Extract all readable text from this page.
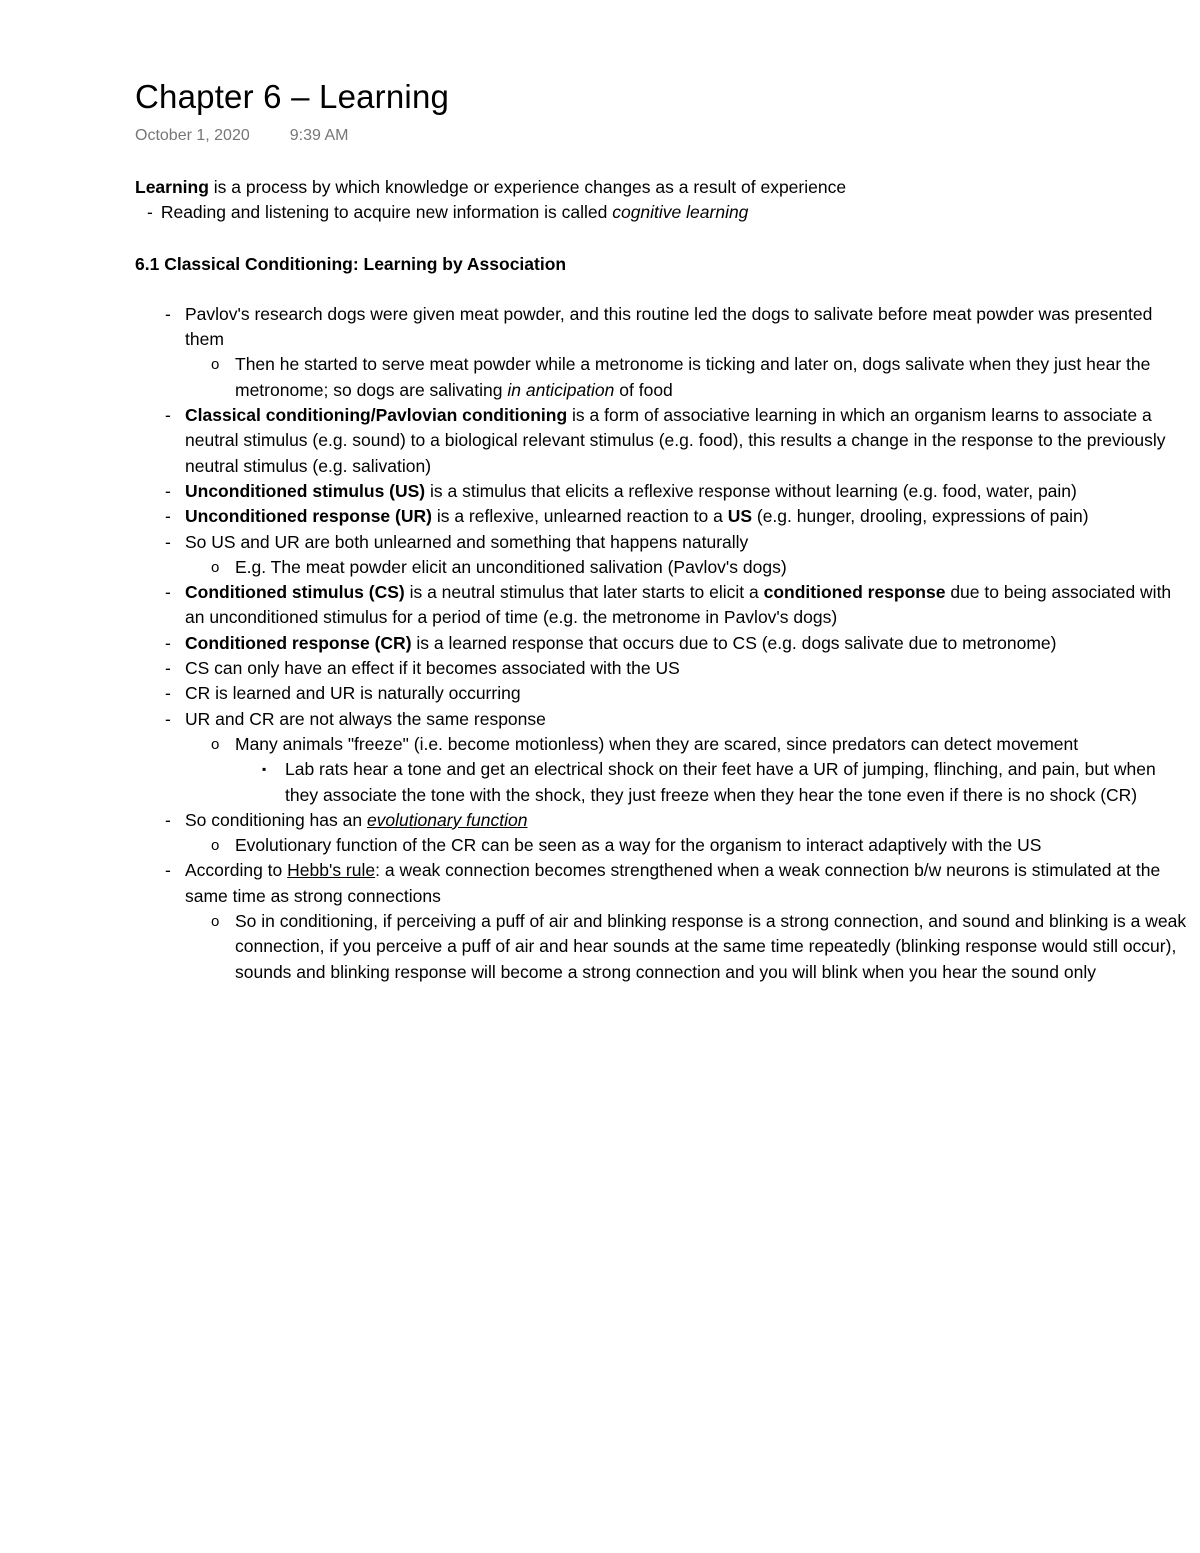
Chapter 6 – Learning
October 1, 2020	9:39 AM

Learning is a process by which knowledge or experience changes as a result of experience

- Reading and listening to acquire new information is called cognitive learning

6.1 Classical Conditioning: Learning by Association

- Pavlov's research dogs were given meat powder, and this routine led the dogs to salivate before meat powder was presented them
o Then he started to serve meat powder while a metronome is ticking and later on, dogs salivate when they just hear the metronome; so dogs are salivating in anticipation of food
- Classical conditioning/Pavlovian conditioning is a form of associative learning in which an organism learns to associate a neutral stimulus (e.g. sound) to a biological relevant stimulus (e.g. food), this results a change in the response to the previously neutral stimulus (e.g. salivation)
- Unconditioned stimulus (US) is a stimulus that elicits a reflexive response without learning (e.g. food, water, pain)
- Unconditioned response (UR) is a reflexive, unlearned reaction to a US (e.g. hunger, drooling, expressions of pain)
- So US and UR are both unlearned and something that happens naturally
o E.g. The meat powder elicit an unconditioned salivation (Pavlov's dogs)
- Conditioned stimulus (CS) is a neutral stimulus that later starts to elicit a conditioned response due to being associated with an unconditioned stimulus for a period of time (e.g. the metronome in Pavlov's dogs)
- Conditioned response (CR) is a learned response that occurs due to CS (e.g. dogs salivate due to metronome)
- CS can only have an effect if it becomes associated with the US
- CR is learned and UR is naturally occurring
- UR and CR are not always the same response
o Many animals "freeze" (i.e. become motionless) when they are scared, since predators can detect movement
▪ Lab rats hear a tone and get an electrical shock on their feet have a UR of jumping, flinching, and pain, but when they associate the tone with the shock, they just freeze when they hear the tone even if there is no shock (CR)
- So conditioning has an evolutionary function
o Evolutionary function of the CR can be seen as a way for the organism to interact adaptively with the US
- According to Hebb's rule: a weak connection becomes strengthened when a weak connection b/w neurons is stimulated at the same time as strong connections
o So in conditioning, if perceiving a puff of air and blinking response is a strong connection, and sound and blinking is a weak connection, if you perceive a puff of air and hear sounds at the same time repeatedly (blinking response would still occur), sounds and blinking response will become a strong connection and you will blink when you hear the sound only
